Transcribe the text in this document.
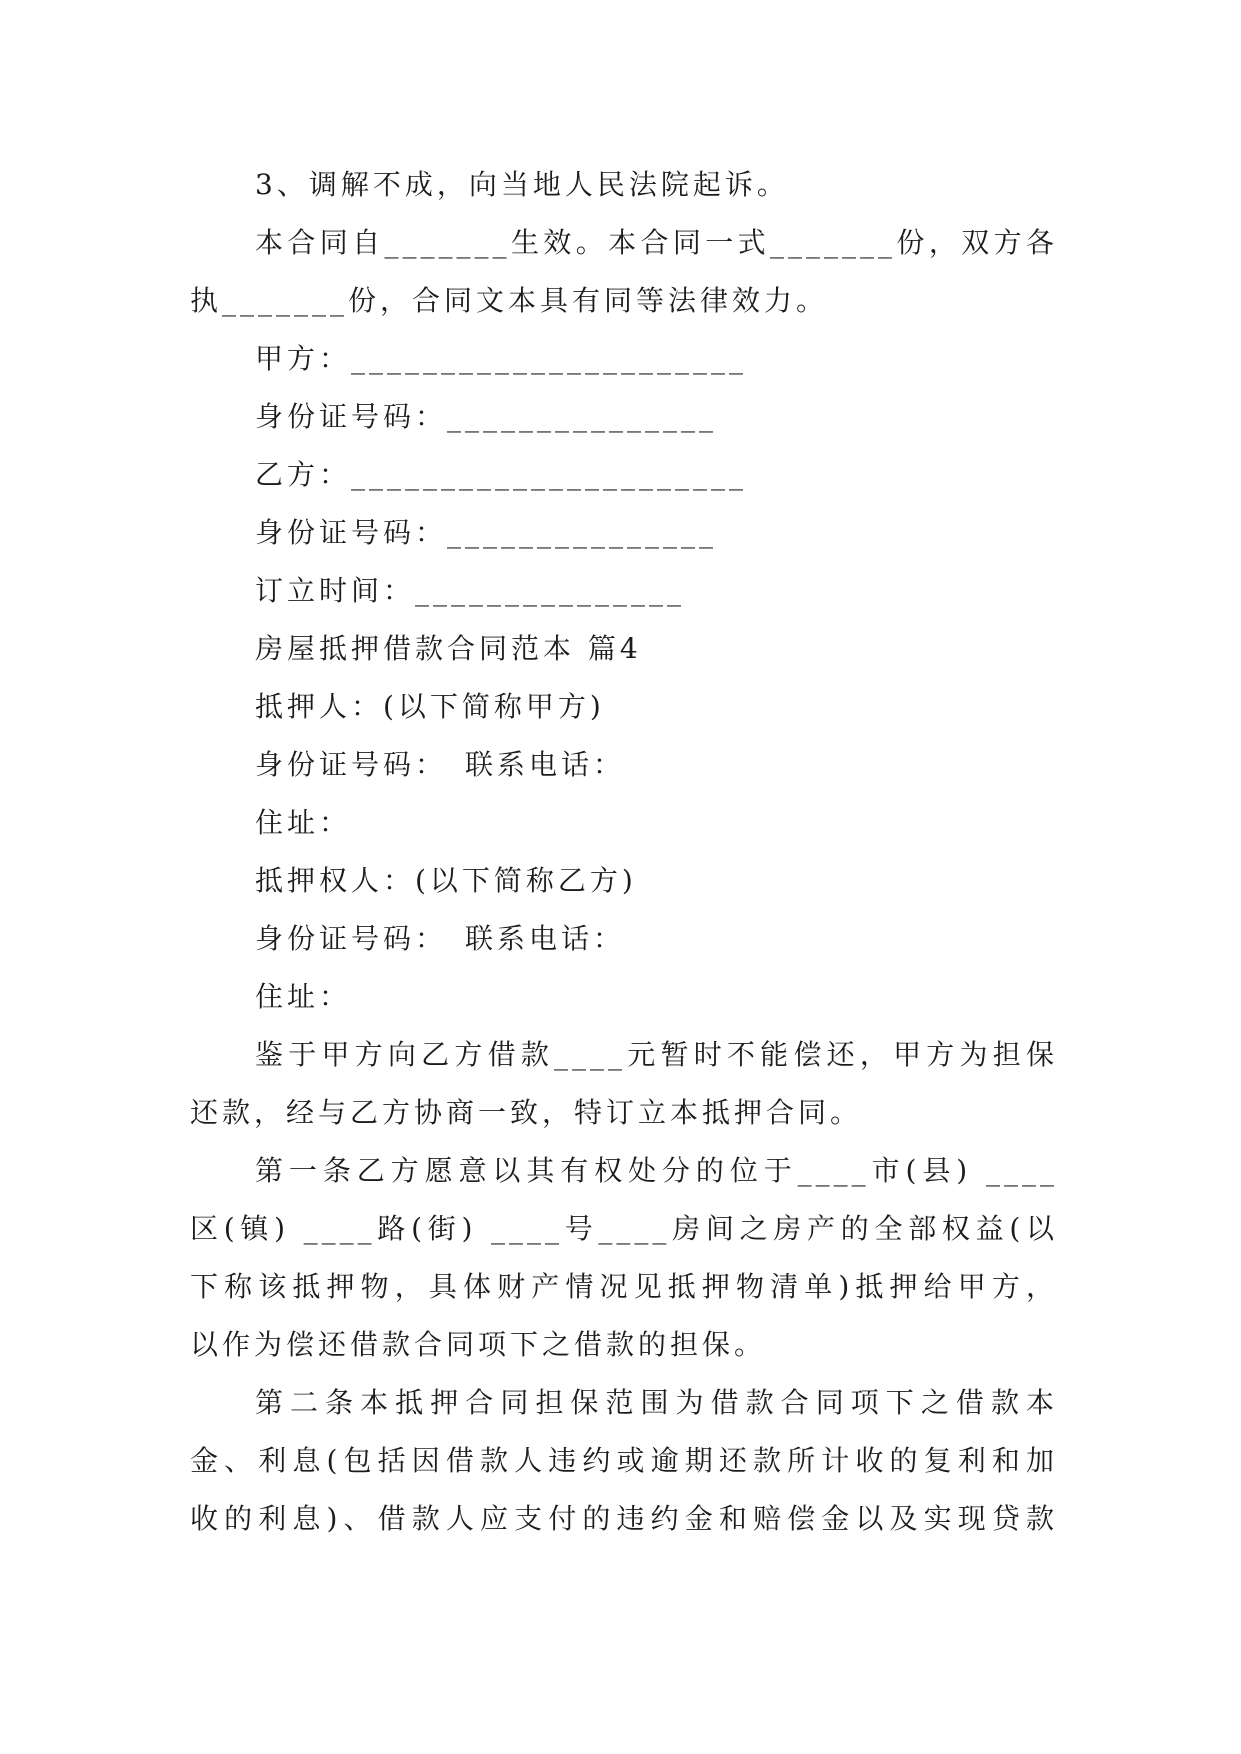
3、调解不成，向当地人民法院起诉。
本合同自_______生效。本合同一式_______份，双方各
执_______份，合同文本具有同等法律效力。
甲方：______________________
身份证号码：_______________
乙方：______________________
身份证号码：_______________
订立时间：_______________
房屋抵押借款合同范本 篇4
抵押人：(以下简称甲方)
身份证号码：　联系电话：
住址：
抵押权人：(以下简称乙方)
身份证号码：　联系电话：
住址：
鉴于甲方向乙方借款____元暂时不能偿还，甲方为担保
还款，经与乙方协商一致，特订立本抵押合同。
第一条乙方愿意以其有权处分的位于____市(县) ____
区(镇) ____路(街) ____号____房间之房产的全部权益(以
下称该抵押物，具体财产情况见抵押物清单)抵押给甲方，
以作为偿还借款合同项下之借款的担保。
第二条本抵押合同担保范围为借款合同项下之借款本
金、利息(包括因借款人违约或逾期还款所计收的复利和加
收的利息)、借款人应支付的违约金和赔偿金以及实现贷款
